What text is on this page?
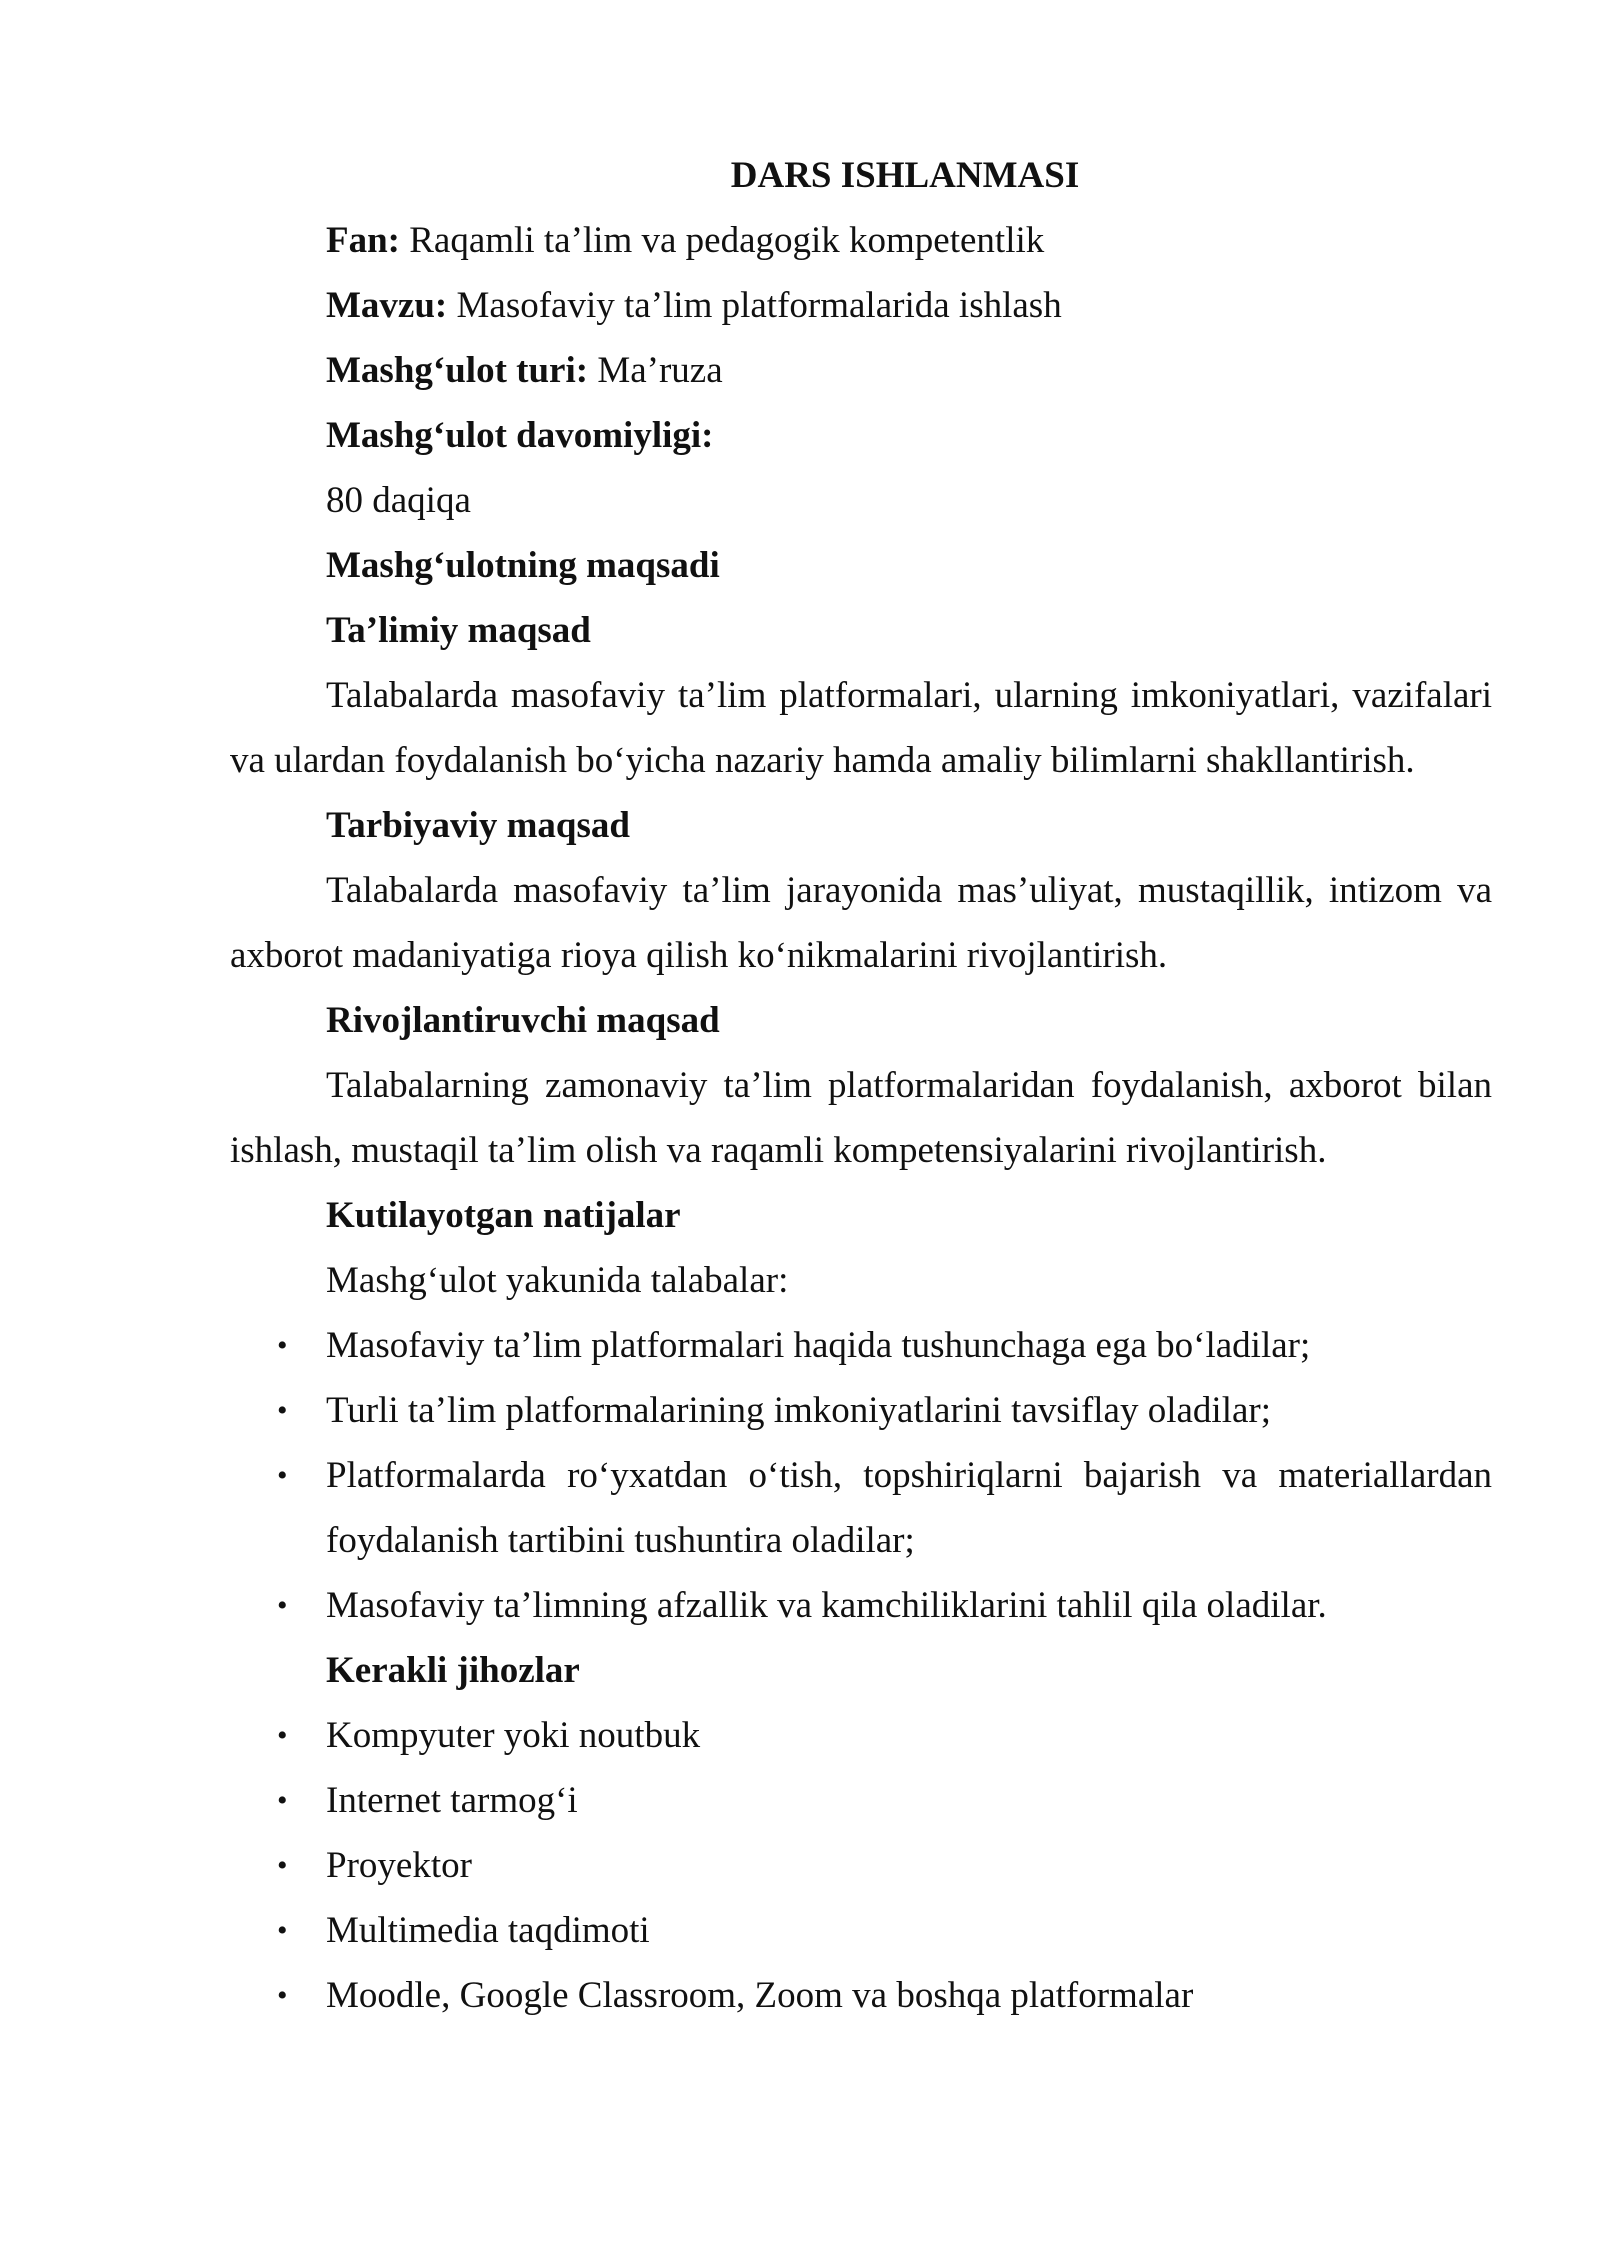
DARS ISHLANMASI

Fan: Raqamli ta’lim va pedagogik kompetentlik

Mavzu: Masofaviy ta’lim platformalarida ishlash

Mashg‘ulot turi: Ma’ruza

Mashg‘ulot davomiyligi:

80 daqiqa

Mashg‘ulotning maqsadi

Ta’limiy maqsad

Talabalarda masofaviy ta’lim platformalari, ularning imkoniyatlari, vazifalari va ulardan foydalanish bo‘yicha nazariy hamda amaliy bilimlarni shakllantirish.

Tarbiyaviy maqsad

Talabalarda masofaviy ta’lim jarayonida mas’uliyat, mustaqillik, intizom va axborot madaniyatiga rioya qilish ko‘nikmalarini rivojlantirish.

Rivojlantiruvchi maqsad

Talabalarning zamonaviy ta’lim platformalaridan foydalanish, axborot bilan ishlash, mustaqil ta’lim olish va raqamli kompetensiyalarini rivojlantirish.

Kutilayotgan natijalar

Mashg‘ulot yakunida talabalar:

• Masofaviy ta’lim platformalari haqida tushunchaga ega bo‘ladilar;
• Turli ta’lim platformalarining imkoniyatlarini tavsiflay oladilar;
• Platformalarda ro‘yxatdan o‘tish, topshiriqlarni bajarish va materiallardan foydalanish tartibini tushuntira oladilar;
• Masofaviy ta’limning afzallik va kamchiliklarini tahlil qila oladilar.

Kerakli jihozlar

• Kompyuter yoki noutbuk
• Internet tarmog‘i
• Proyektor
• Multimedia taqdimoti
• Moodle, Google Classroom, Zoom va boshqa platformalar
